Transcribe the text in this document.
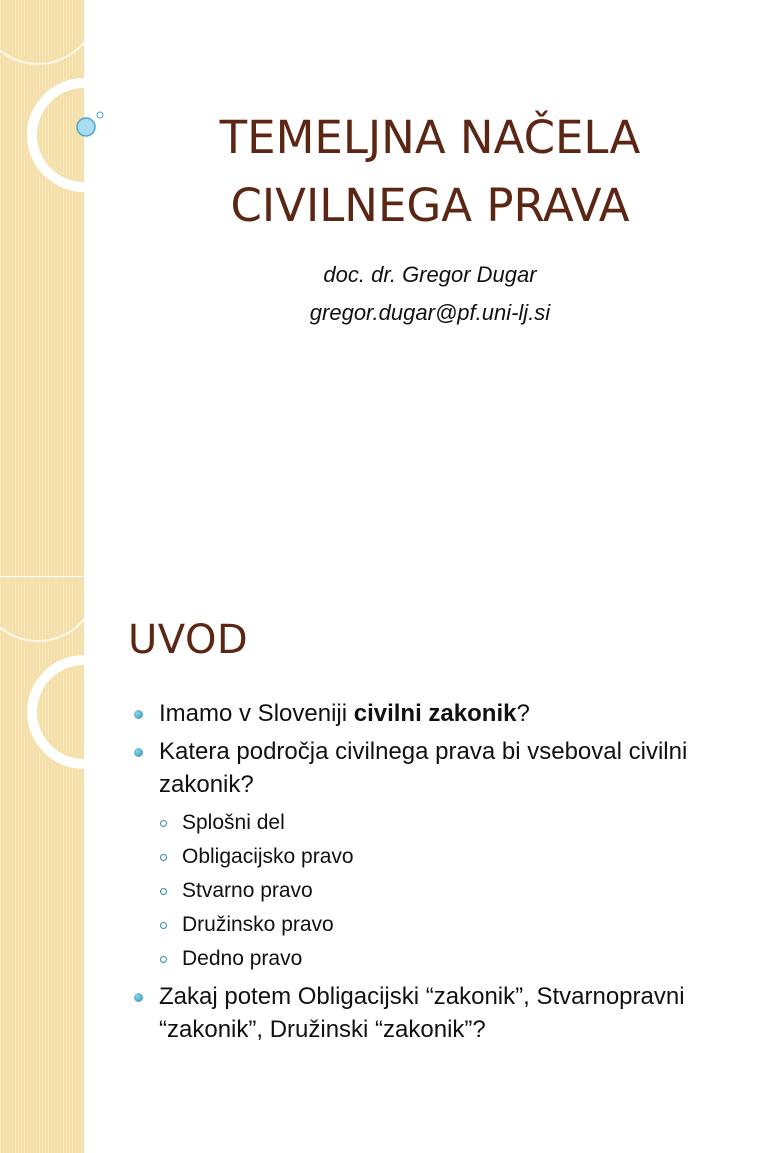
TEMELJNA NAČELA
CIVILNEGA PRAVA
doc. dr. Gregor Dugar
gregor.dugar@pf.uni-lj.si
UVOD
Imamo v Sloveniji civilni zakonik?
Katera področja civilnega prava bi vseboval civilni zakonik?
Splošni del
Obligacijsko pravo
Stvarno pravo
Družinsko pravo
Dedno pravo
Zakaj potem Obligacijski “zakonik”, Stvarnopravni “zakonik”, Družinski “zakonik”?
